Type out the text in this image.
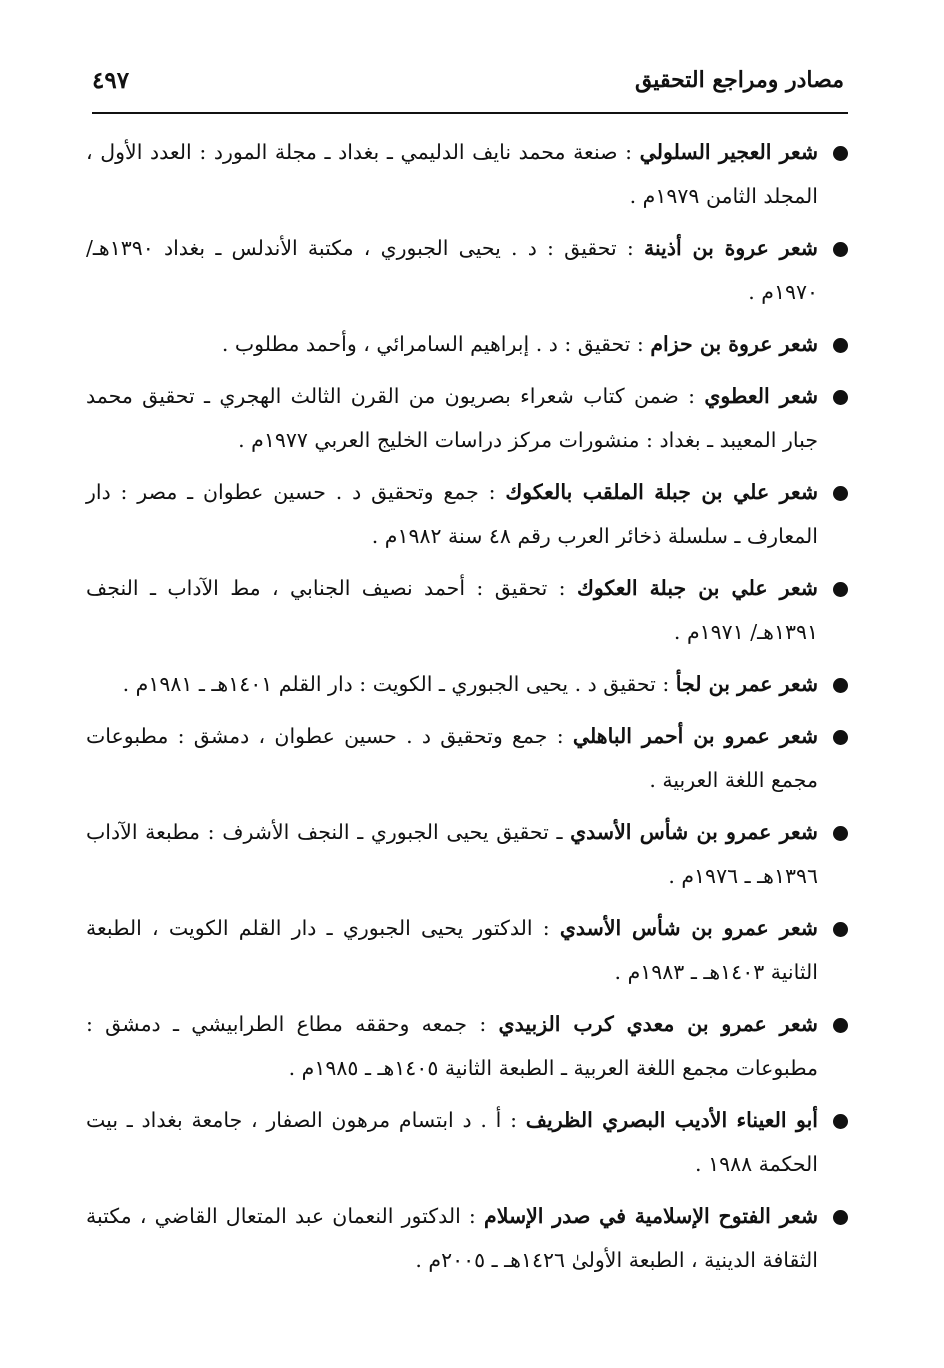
مصادر ومراجع التحقيق
٤٩٧
شعر العجير السلولي : صنعة محمد نايف الدليمي ـ بغداد ـ مجلة المورد : العدد الأول ، المجلد الثامن ١٩٧٩م .
شعر عروة بن أذينة : تحقيق : د . يحيى الجبوري ، مكتبة الأندلس ـ بغداد ١٣٩٠هـ/ ١٩٧٠م .
شعر عروة بن حزام : تحقيق : د . إبراهيم السامرائي ، وأحمد مطلوب .
شعر العطوي : ضمن كتاب شعراء بصريون من القرن الثالث الهجري ـ تحقيق محمد جبار المعيبد ـ بغداد : منشورات مركز دراسات الخليج العربي ١٩٧٧م .
شعر علي بن جبلة الملقب بالعكوك : جمع وتحقيق د . حسين عطوان ـ مصر : دار المعارف ـ سلسلة ذخائر العرب رقم ٤٨ سنة ١٩٨٢م .
شعر علي بن جبلة العكوك : تحقيق : أحمد نصيف الجنابي ، مط الآداب ـ النجف ١٣٩١هـ/ ١٩٧١م .
شعر عمر بن لجأ : تحقيق د . يحيى الجبوري ـ الكويت : دار القلم ١٤٠١هـ ـ ١٩٨١م .
شعر عمرو بن أحمر الباهلي : جمع وتحقيق د . حسين عطوان ، دمشق : مطبوعات مجمع اللغة العربية .
شعر عمرو بن شأس الأسدي ـ تحقيق يحيى الجبوري ـ النجف الأشرف : مطبعة الآداب ١٣٩٦هـ ـ ١٩٧٦م .
شعر عمرو بن شأس الأسدي : الدكتور يحيى الجبوري ـ دار القلم الكويت ، الطبعة الثانية ١٤٠٣هـ ـ ١٩٨٣م .
شعر عمرو بن معدي كرب الزبيدي : جمعه وحققه مطاع الطرابيشي ـ دمشق : مطبوعات مجمع اللغة العربية ـ الطبعة الثانية ١٤٠٥هـ ـ ١٩٨٥م .
أبو العيناء الأديب البصري الظريف : أ . د ابتسام مرهون الصفار ، جامعة بغداد ـ بيت الحكمة ١٩٨٨ .
شعر الفتوح الإسلامية في صدر الإسلام : الدكتور النعمان عبد المتعال القاضي ، مكتبة الثقافة الدينية ، الطبعة الأولىٰ ١٤٢٦هـ ـ ٢٠٠٥م .
